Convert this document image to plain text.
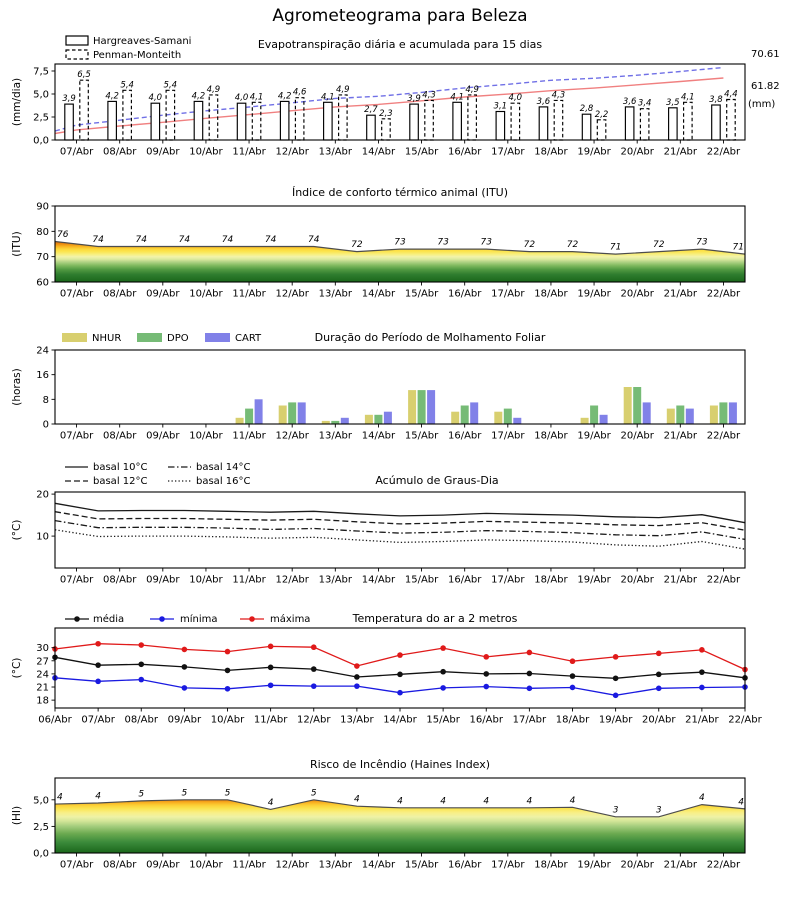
Agrometeograma para Beleza
3,9	4,2	4,0	4,2	4,0	4,2	4,1
2,7
3,9	4,1
3,1	3,6
2,8
3,6	3,5	3,8
6,5
5,4	5,4	4,9
4,1	4,6	4,9
2,3
4,3
4,9
4,0	4,3
2,2
3,4
4,1	4,4
70.61
61.82
(mm)
Hargreaves-Samani
Penman-Monteith
0,0
2,5
5,0
7,5
07/Abr 08/Abr 09/Abr 10/Abr 11/Abr 12/Abr 13/Abr 14/Abr 15/Abr 16/Abr 17/Abr 18/Abr 19/Abr 20/Abr 21/Abr 22/Abr
(mm/dia)
Evapotranspiração diária e acumulada para 15 dias
76
74	74	74	74	74	74
72	73	73	73	72	72	71	72	73
71
60
70
80
90
07/Abr 08/Abr 09/Abr 10/Abr 11/Abr 12/Abr 13/Abr 14/Abr 15/Abr 16/Abr 17/Abr 18/Abr 19/Abr 20/Abr 21/Abr 22/Abr
(ITU)
Índice de conforto térmico animal (ITU)
NHUR	DPO	CART
0
8
16
24
07/Abr 08/Abr 09/Abr 10/Abr 11/Abr 12/Abr 13/Abr 14/Abr 15/Abr 16/Abr 17/Abr 18/Abr 19/Abr 20/Abr 21/Abr 22/Abr
(horas)
Duração do Período de Molhamento Foliar
10
20
07/Abr 08/Abr 09/Abr 10/Abr 11/Abr 12/Abr 13/Abr 14/Abr 15/Abr 16/Abr 17/Abr 18/Abr 19/Abr 20/Abr 21/Abr 22/Abr
(°C)
Acúmulo de Graus-Dia
basal 10°C
basal 12°C
basal 14°C
basal 16°C
18
21
24
27
30
06/Abr 07/Abr 08/Abr 09/Abr 10/Abr 11/Abr 12/Abr 13/Abr 14/Abr 15/Abr 16/Abr 17/Abr 18/Abr 19/Abr 20/Abr 21/Abr 22/Abr
(°C)
Temperatura do ar a 2 metros
média	mínima	máxima
4	4	5	5	5
4
5
4	4	4	4	4	4
3	3
4	4
0,0
2,5
5,0
07/Abr 08/Abr 09/Abr 10/Abr 11/Abr 12/Abr 13/Abr 14/Abr 15/Abr 16/Abr 17/Abr 18/Abr 19/Abr 20/Abr 21/Abr 22/Abr
(HI)
Risco de Incêndio (Haines Index)
